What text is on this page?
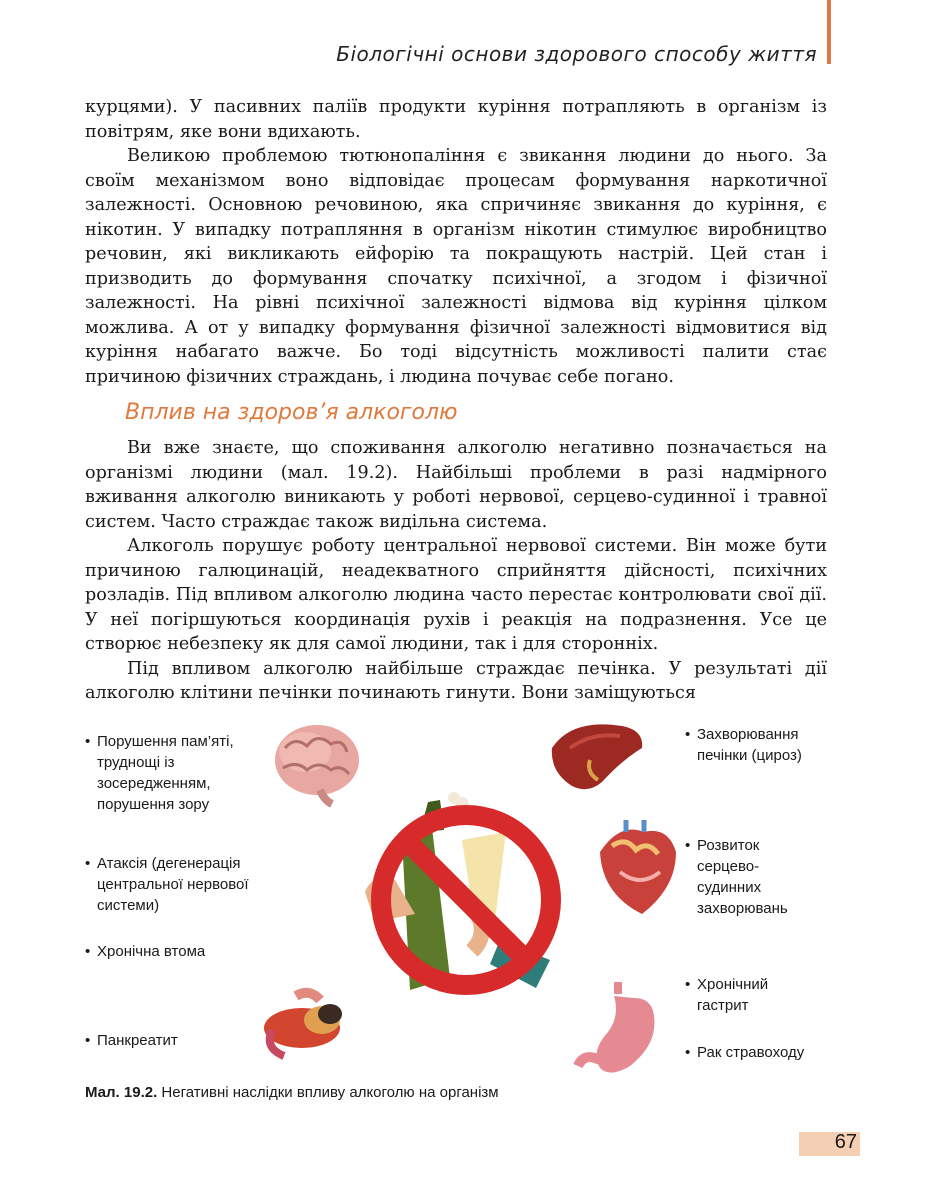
Біологічні основи здорового способу життя

курцями). У пасивних паліїв продукти куріння потрапляють в організм із повітрям, яке вони вдихають.

Великою проблемою тютюнопаління є звикання людини до нього. За своїм механізмом воно відповідає процесам формування наркотичної залежності. Основною речовиною, яка спричиняє звикання до куріння, є нікотин. У випадку потрапляння в організм нікотин стимулює виробництво речовин, які викликають ейфорію та покращують настрій. Цей стан і призводить до формування спочатку психічної, а згодом і фізичної залежності. На рівні психічної залежності відмова від куріння цілком можлива. А от у випадку формування фізичної залежності відмовитися від куріння набагато важче. Бо тоді відсутність можливості палити стає причиною фізичних страждань, і людина почуває себе погано.

Вплив на здоров’я алкоголю

Ви вже знаєте, що споживання алкоголю негативно позначається на організмі людини (мал. 19.2). Найбільші проблеми в разі надмірного вживання алкоголю виникають у роботі нервової, серцево-судинної і травної систем. Часто страждає також видільна система.

Алкоголь порушує роботу центральної нервової системи. Він може бути причиною галюцинацій, неадекватного сприйняття дійсності, психічних розладів. Під впливом алкоголю людина часто перестає контролювати свої дії. У неї погіршуються координація рухів і реакція на подразнення. Усе це створює небезпеку як для самої людини, так і для сторонніх.

Під впливом алкоголю найбільше страждає печінка. У результаті дії алкоголю клітини печінки починають гинути. Вони заміщуються

• Порушення пам’яті, труднощі із зосередженням, порушення зору
• Атаксія (дегенерація центральної нервової системи)
• Хронічна втома
• Панкреатит
• Захворювання печінки (цироз)
• Розвиток серцево-судинних захворювань
• Хронічний гастрит
• Рак стравоходу
Мал. 19.2. Негативні наслідки впливу алкоголю на організм
67
